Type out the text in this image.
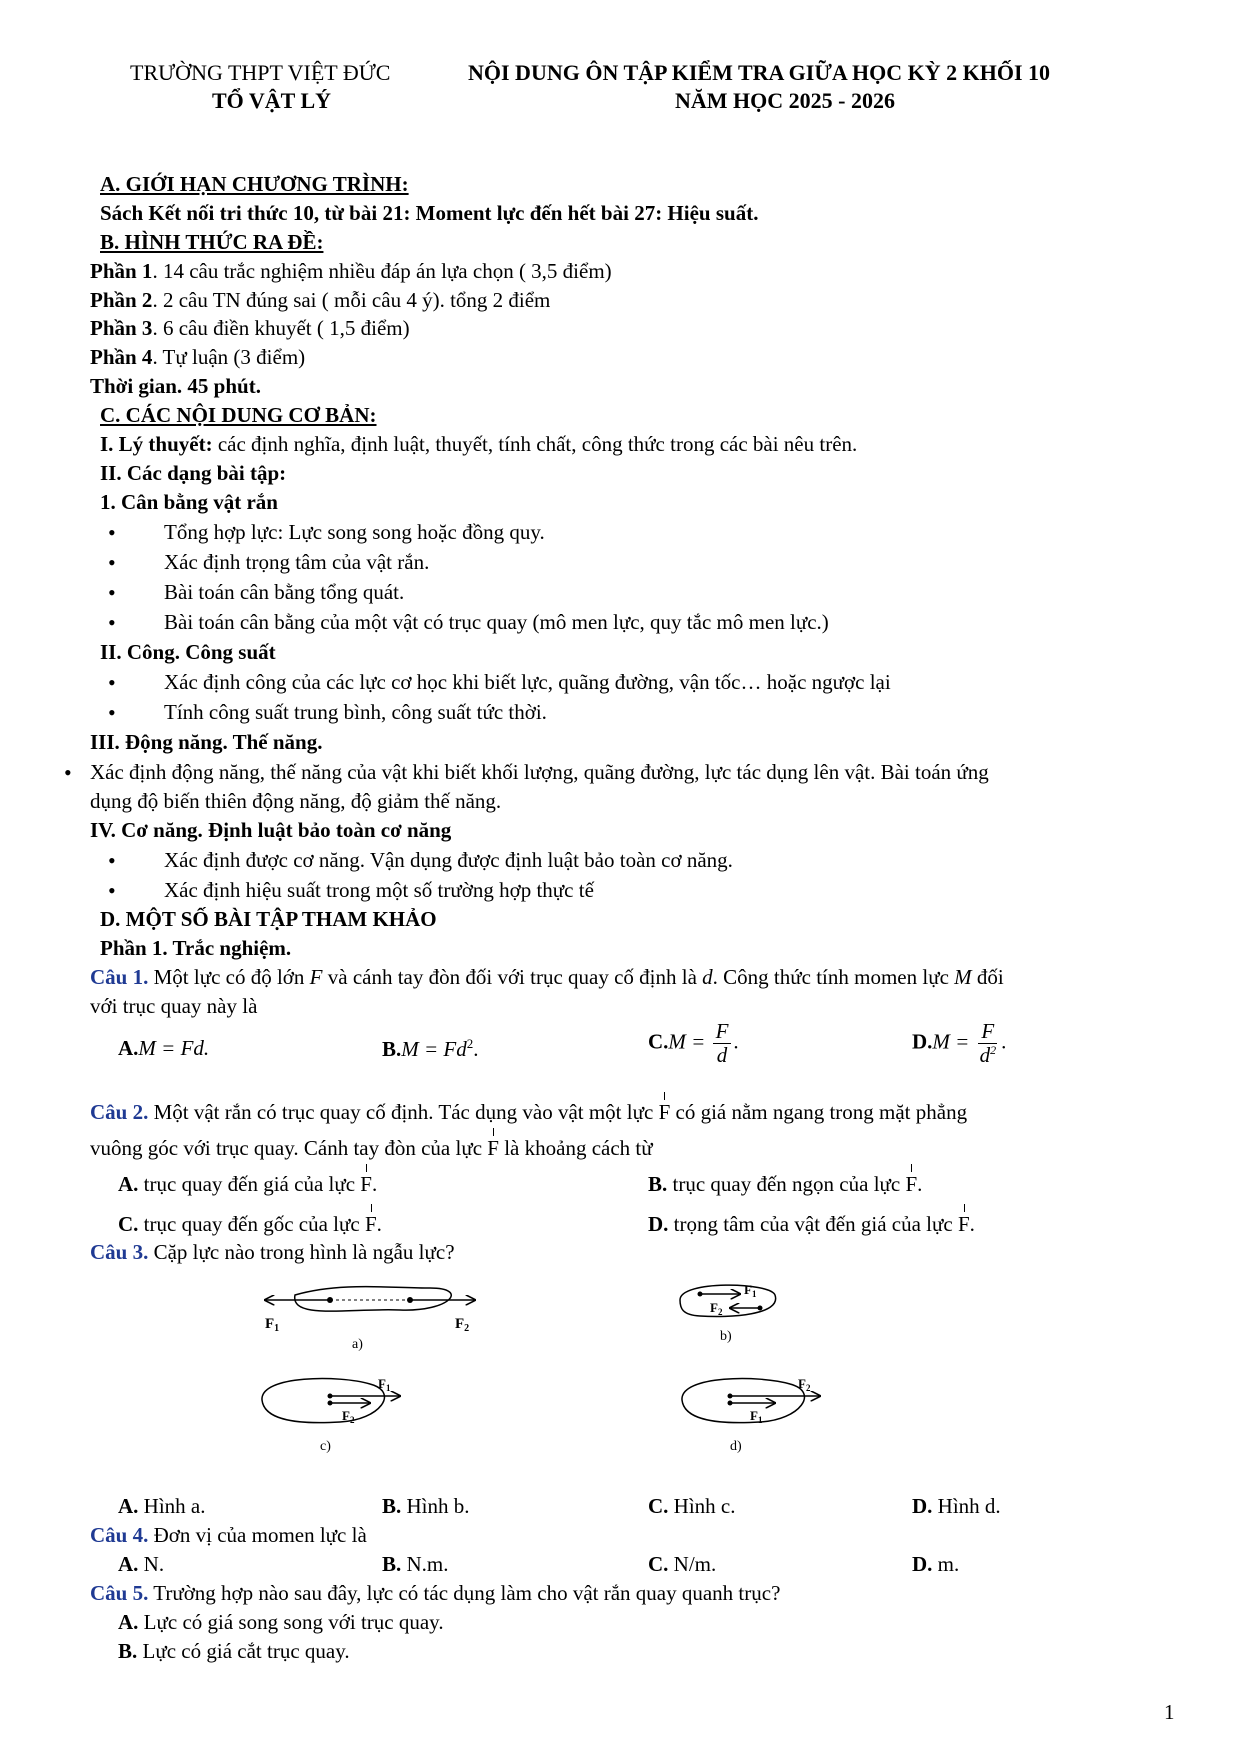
TRƯỜNG THPT VIỆT ĐỨC
TỔ VẬT LÝ
NỘI DUNG ÔN TẬP KIỂM TRA GIỮA HỌC KỲ 2 KHỐI 10
NĂM HỌC 2025 - 2026
A. GIỚI HẠN CHƯƠNG TRÌNH:
Sách Kết nối tri thức 10, từ bài 21: Moment lực đến hết bài 27: Hiệu suất.
B. HÌNH THỨC RA ĐỀ:
Phần 1. 14 câu trắc nghiệm nhiều đáp án lựa chọn ( 3,5 điểm)
Phần 2. 2 câu TN đúng sai ( mỗi câu 4 ý). tổng 2 điểm
Phần 3. 6 câu điền khuyết ( 1,5 điểm)
Phần 4. Tự luận (3 điểm)
Thời gian. 45 phút.
C. CÁC NỘI DUNG CƠ BẢN:
I. Lý thuyết: các định nghĩa, định luật, thuyết, tính chất, công thức trong các bài nêu trên.
II. Các dạng bài tập:
1. Cân bằng vật rắn
• Tổng hợp lực: Lực song song hoặc đồng quy.
• Xác định trọng tâm của vật rắn.
• Bài toán cân bằng tổng quát.
• Bài toán cân bằng của một vật có trục quay (mô men lực, quy tắc mô men lực.)
II. Công. Công suất
• Xác định công của các lực cơ học khi biết lực, quãng đường, vận tốc… hoặc ngược lại
• Tính công suất trung bình, công suất tức thời.
III. Động năng. Thế năng.
• Xác định động năng, thế năng của vật khi biết khối lượng, quãng đường, lực tác dụng lên vật. Bài toán ứng
dụng độ biến thiên động năng, độ giảm thế năng.
IV. Cơ năng. Định luật bảo toàn cơ năng
• Xác định được cơ năng. Vận dụng được định luật bảo toàn cơ năng.
• Xác định hiệu suất trong một số trường hợp thực tế
D. MỘT SỐ BÀI TẬP THAM KHẢO
Phần 1. Trắc nghiệm.
Câu 1. Một lực có độ lớn F và cánh tay đòn đối với trục quay cố định là d. Công thức tính momen lực M đối
với trục quay này là
A.M = Fd.	$B.M = Fd^2$.	$C.M = \frac{F}{d}$ .	$D.M = \frac{F}{d^2}$ .
Câu 2. Một vật rắn có trục quay cố định. Tác dụng vào vật một lực F có giá nằm ngang trong mặt phẳng
vuông góc với trục quay. Cánh tay đòn của lực F là khoảng cách từ
A. trục quay đến giá của lực F.	B. trục quay đến ngọn của lực F.
C. trục quay đến gốc của lực F.	D. trọng tâm của vật đến giá của lực F.
Câu 3. Cặp lực nào trong hình là ngẫu lực?
$F_1$	$F_2$
a)
$F_1$
$F_2$
b)
$F_1$
$F_2$
c)
$F_2$
$F_1$
d)
A. Hình a.	B. Hình b.	C. Hình c.	D. Hình d.
Câu 4. Đơn vị của momen lực là
A. N.	B. N.m.	C. N/m.	D. m.
Câu 5. Trường hợp nào sau đây, lực có tác dụng làm cho vật rắn quay quanh trục?
A. Lực có giá song song với trục quay.
B. Lực có giá cắt trục quay.
1
